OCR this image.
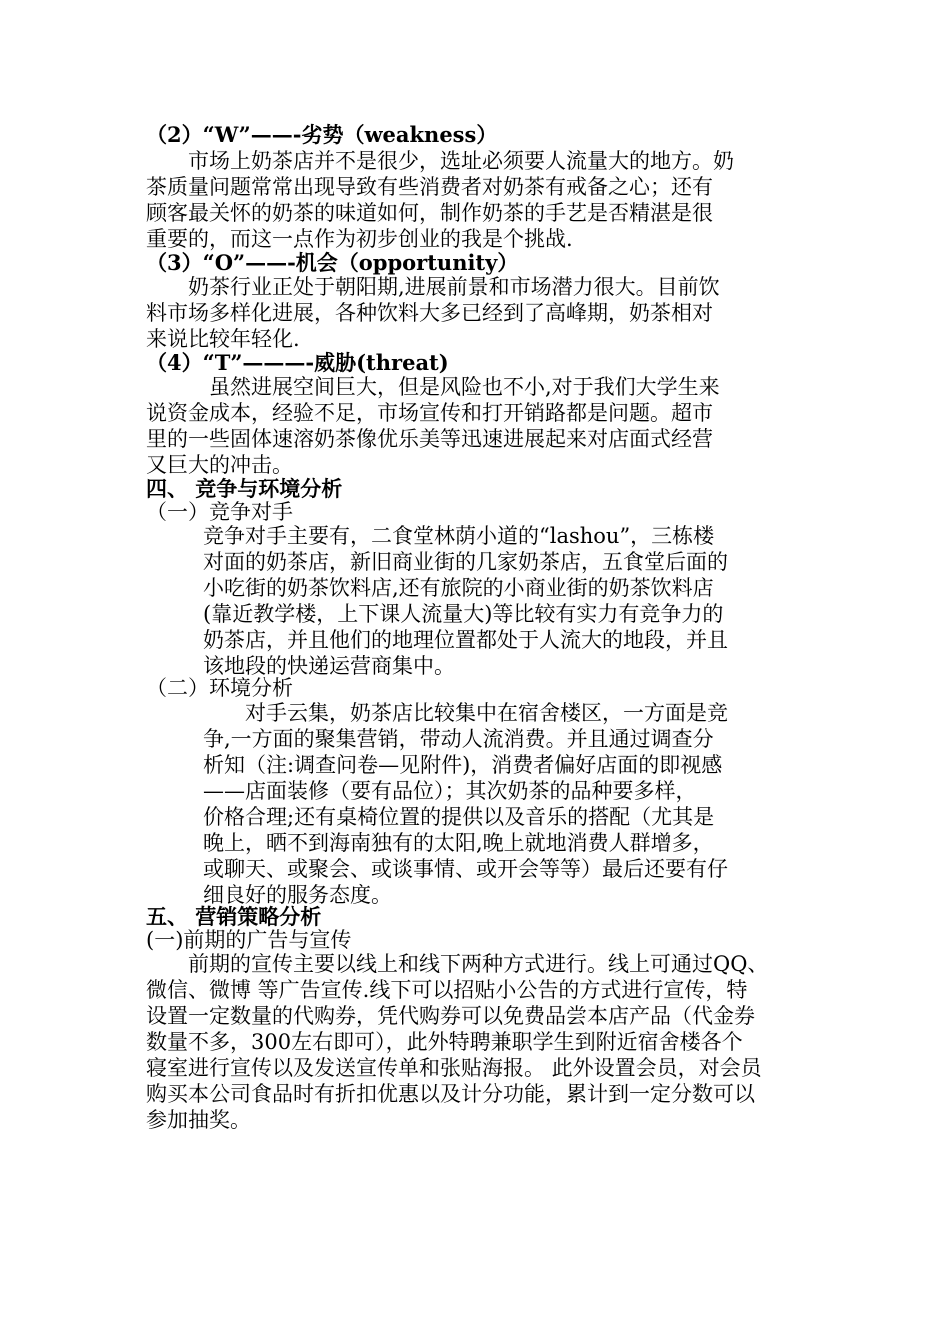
（2）“W”——-劣势（weakness）
　　市场上奶茶店并不是很少，选址必须要人流量大的地方。奶
茶质量问题常常出现导致有些消费者对奶茶有戒备之心；还有
顾客最关怀的奶茶的味道如何，制作奶茶的手艺是否精湛是很
重要的，而这一点作为初步创业的我是个挑战.
（3）“O”——-机会（opportunity）
　　奶茶行业正处于朝阳期,进展前景和市场潜力很大。目前饮
料市场多样化进展，各种饮料大多已经到了高峰期，奶茶相对
来说比较年轻化.
（4）“T”———-威胁(threat)
　　　虽然进展空间巨大，但是风险也不小,对于我们大学生来
说资金成本，经验不足，市场宣传和打开销路都是问题。超市
里的一些固体速溶奶茶像优乐美等迅速进展起来对店面式经营
又巨大的冲击。
四、 竞争与环境分析
（一）竞争对手
竞争对手主要有，二食堂林荫小道的“lashou”，三栋楼
对面的奶茶店，新旧商业街的几家奶茶店，五食堂后面的
小吃街的奶茶饮料店,还有旅院的小商业街的奶茶饮料店
(靠近教学楼，上下课人流量大)等比较有实力有竞争力的
奶茶店，并且他们的地理位置都处于人流大的地段，并且
该地段的快递运营商集中。
（二）环境分析
　　对手云集，奶茶店比较集中在宿舍楼区，一方面是竞
争,一方面的聚集营销，带动人流消费。并且通过调查分
析知（注:调查问卷—见附件)，消费者偏好店面的即视感
——店面装修（要有品位）；其次奶茶的品种要多样，
价格合理;还有桌椅位置的提供以及音乐的搭配（尤其是
晚上，晒不到海南独有的太阳,晚上就地消费人群增多，
或聊天、或聚会、或谈事情、或开会等等）最后还要有仔
细良好的服务态度。
五、 营销策略分析
(一)前期的广告与宣传
　　前期的宣传主要以线上和线下两种方式进行。线上可通过QQ、
微信、微博 等广告宣传.线下可以招贴小公告的方式进行宣传，特
设置一定数量的代购券，凭代购券可以免费品尝本店产品（代金券
数量不多，300左右即可），此外特聘兼职学生到附近宿舍楼各个
寝室进行宣传以及发送宣传单和张贴海报。 此外设置会员，对会员
购买本公司食品时有折扣优惠以及计分功能，累计到一定分数可以
参加抽奖。
